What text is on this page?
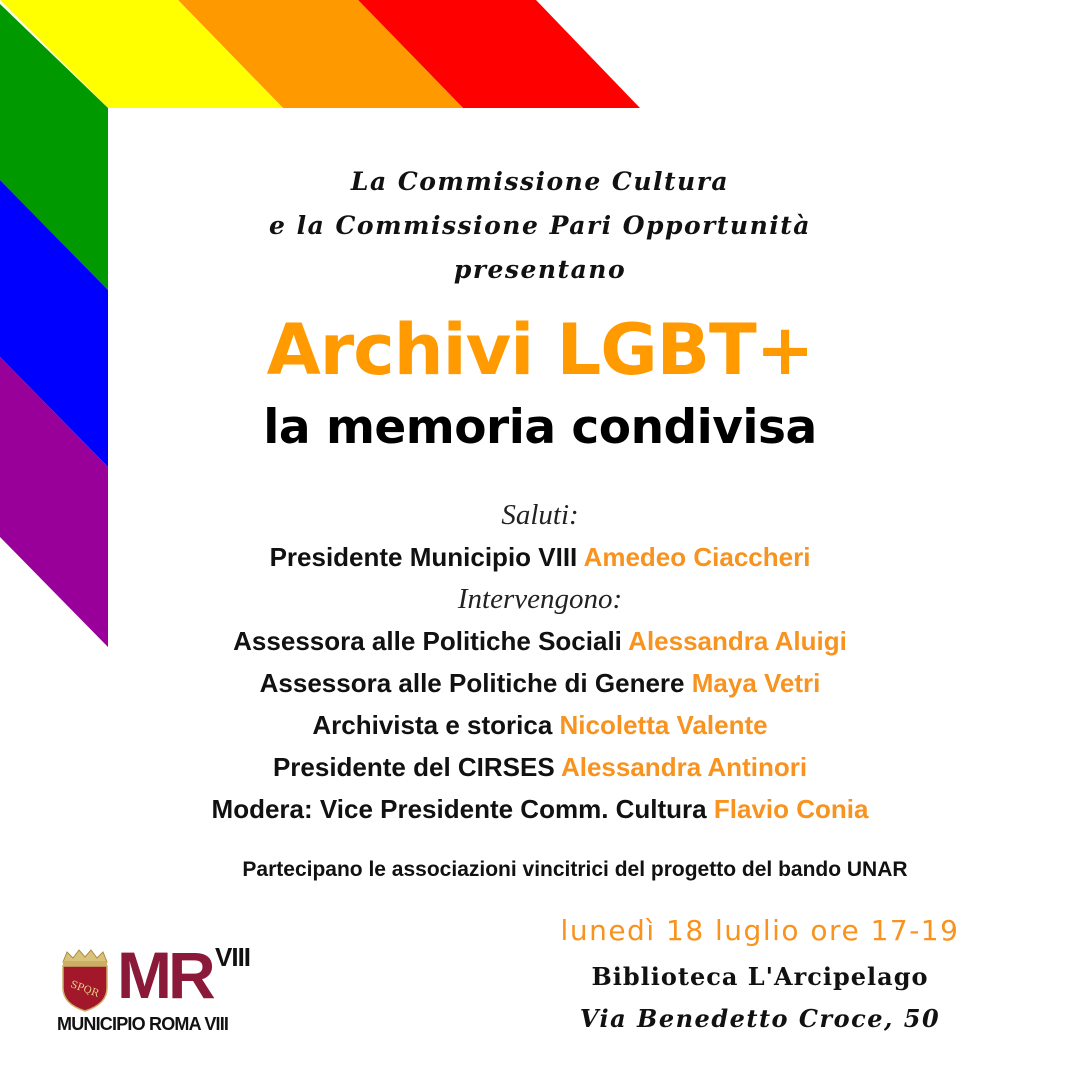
La Commissione Cultura
e la Commissione Pari Opportunità
presentano
Archivi LGBT+
la memoria condivisa
Saluti:
Presidente Municipio VIII Amedeo Ciaccheri
Intervengono:
Assessora alle Politiche Sociali Alessandra Aluigi
Assessora alle Politiche di Genere Maya Vetri
Archivista e storica Nicoletta Valente
Presidente del CIRSES Alessandra Antinori
Modera: Vice Presidente Comm. Cultura Flavio Conia
Partecipano le associazioni vincitrici del progetto del bando UNAR
SPQR MR VIII
MUNICIPIO ROMA VIII
lunedì 18 luglio ore 17-19
Biblioteca L'Arcipelago
Via Benedetto Croce, 50
